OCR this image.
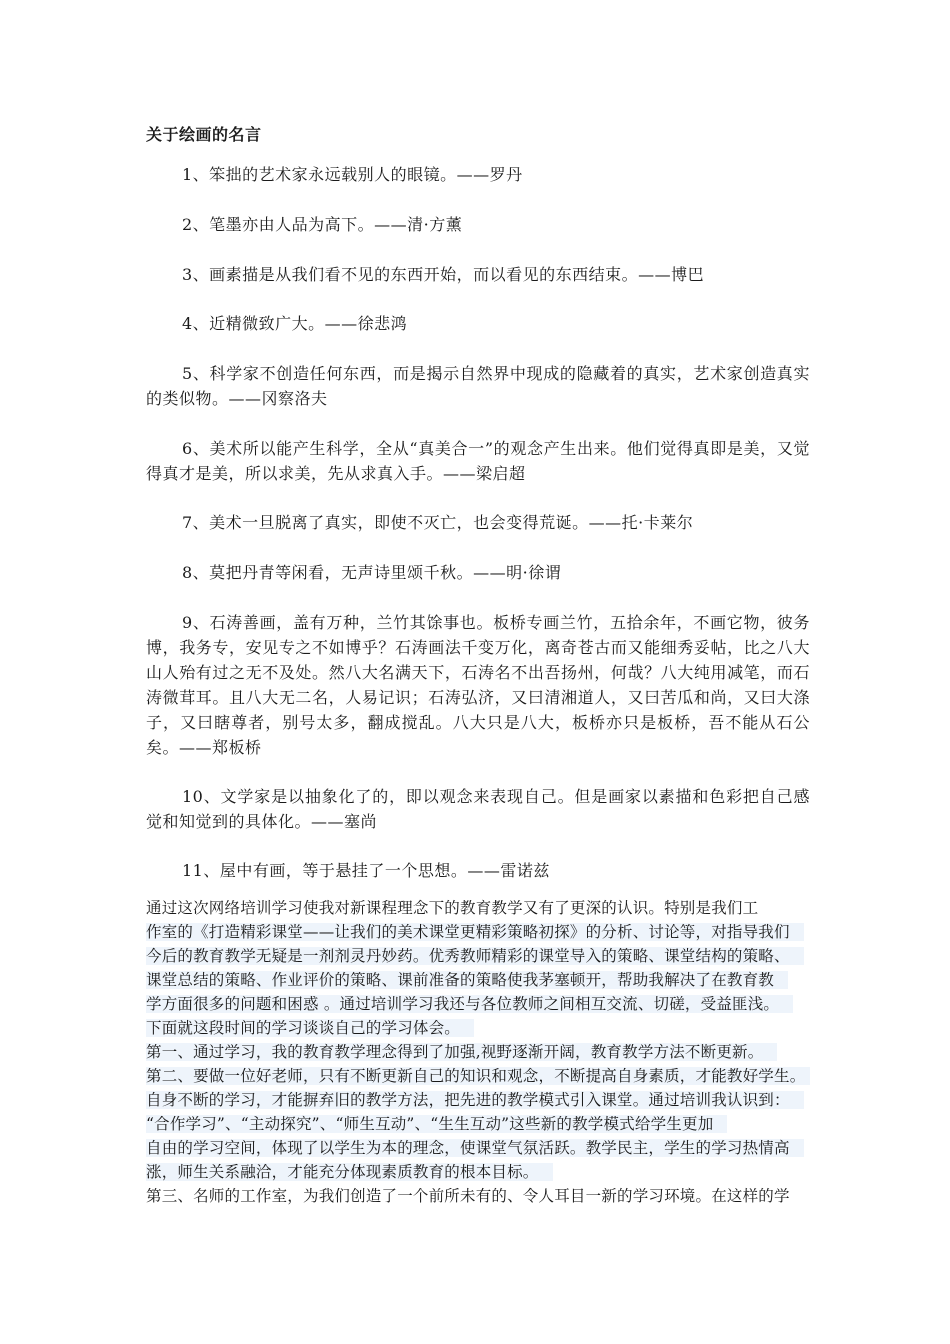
关于绘画的名言

1、笨拙的艺术家永远载别人的眼镜。——罗丹

2、笔墨亦由人品为高下。——清·方薰

3、画素描是从我们看不见的东西开始，而以看见的东西结束。——博巴

4、近精微致广大。——徐悲鸿

5、科学家不创造任何东西，而是揭示自然界中现成的隐藏着的真实，艺术家创造真实的类似物。——冈察洛夫

6、美术所以能产生科学，全从“真美合一”的观念产生出来。他们觉得真即是美，又觉得真才是美，所以求美，先从求真入手。——梁启超

7、美术一旦脱离了真实，即使不灭亡，也会变得荒诞。——托·卡莱尔

8、莫把丹青等闲看，无声诗里颂千秋。——明·徐谓

9、石涛善画，盖有万种，兰竹其馀事也。板桥专画兰竹，五拾余年，不画它物，彼务博，我务专，安见专之不如博乎？石涛画法千变万化，离奇苍古而又能细秀妥帖，比之八大山人殆有过之无不及处。然八大名满天下，石涛名不出吾扬州，何哉？八大纯用减笔，而石涛微茸耳。且八大无二名，人易记识；石涛弘济，又曰清湘道人，又曰苦瓜和尚，又曰大涤子，又曰瞎尊者，别号太多，翻成搅乱。八大只是八大，板桥亦只是板桥，吾不能从石公矣。——郑板桥

10、文学家是以抽象化了的，即以观念来表现自己。但是画家以素描和色彩把自己感觉和知觉到的具体化。——塞尚

11、屋中有画，等于悬挂了一个思想。——雷诺兹

通过这次网络培训学习使我对新课程理念下的教育教学又有了更深的认识。特别是我们工
作室的《打造精彩课堂——让我们的美术课堂更精彩策略初探》的分析、讨论等，对指导我们
今后的教育教学无疑是一剂剂灵丹妙药。优秀教师精彩的课堂导入的策略、课堂结构的策略、
课堂总结的策略、作业评价的策略、课前准备的策略使我茅塞顿开，帮助我解决了在教育教
学方面很多的问题和困惑 。通过培训学习我还与各位教师之间相互交流、切磋，受益匪浅。
下面就这段时间的学习谈谈自己的学习体会。
第一、通过学习，我的教育教学理念得到了加强,视野逐渐开阔，教育教学方法不断更新。
第二、要做一位好老师，只有不断更新自己的知识和观念，不断提高自身素质，才能教好学生。
自身不断的学习，才能摒弃旧的教学方法，把先进的教学模式引入课堂。通过培训我认识到：
“合作学习”、“主动探究”、“师生互动”、“生生互动”这些新的教学模式给学生更加
自由的学习空间，体现了以学生为本的理念，使课堂气氛活跃。教学民主，学生的学习热情高
涨，师生关系融洽，才能充分体现素质教育的根本目标。
第三、名师的工作室，为我们创造了一个前所未有的、令人耳目一新的学习环境。在这样的学
